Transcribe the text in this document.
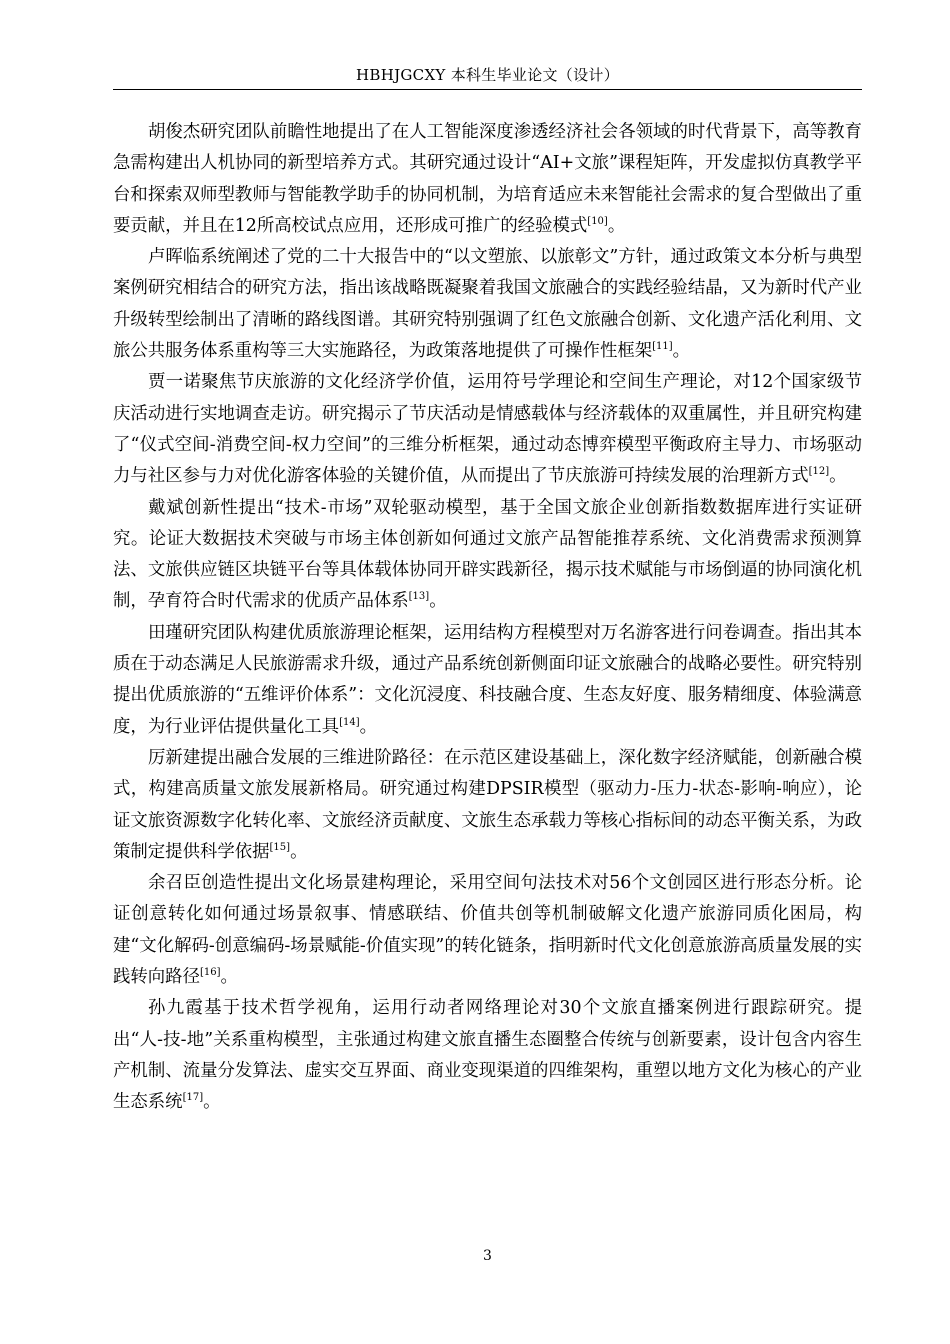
HBHJGCXY 本科生毕业论文（设计）

胡俊杰研究团队前瞻性地提出了在人工智能深度渗透经济社会各领域的时代背景下，高等教育急需构建出人机协同的新型培养方式。其研究通过设计“AI+文旅”课程矩阵，开发虚拟仿真教学平台和探索双师型教师与智能教学助手的协同机制，为培育适应未来智能社会需求的复合型做出了重要贡献，并且在12所高校试点应用，还形成可推广的经验模式[10]。

卢晖临系统阐述了党的二十大报告中的“以文塑旅、以旅彰文”方针，通过政策文本分析与典型案例研究相结合的研究方法，指出该战略既凝聚着我国文旅融合的实践经验结晶，又为新时代产业升级转型绘制出了清晰的路线图谱。其研究特别强调了红色文旅融合创新、文化遗产活化利用、文旅公共服务体系重构等三大实施路径，为政策落地提供了可操作性框架[11]。

贾一诺聚焦节庆旅游的文化经济学价值，运用符号学理论和空间生产理论，对12个国家级节庆活动进行实地调查走访。研究揭示了节庆活动是情感载体与经济载体的双重属性，并且研究构建了“仪式空间-消费空间-权力空间”的三维分析框架，通过动态博弈模型平衡政府主导力、市场驱动力与社区参与力对优化游客体验的关键价值，从而提出了节庆旅游可持续发展的治理新方式[12]。

戴斌创新性提出“技术-市场”双轮驱动模型，基于全国文旅企业创新指数数据库进行实证研究。论证大数据技术突破与市场主体创新如何通过文旅产品智能推荐系统、文化消费需求预测算法、文旅供应链区块链平台等具体载体协同开辟实践新径，揭示技术赋能与市场倒逼的协同演化机制，孕育符合时代需求的优质产品体系[13]。

田瑾研究团队构建优质旅游理论框架，运用结构方程模型对万名游客进行问卷调查。指出其本质在于动态满足人民旅游需求升级，通过产品系统创新侧面印证文旅融合的战略必要性。研究特别提出优质旅游的“五维评价体系”：文化沉浸度、科技融合度、生态友好度、服务精细度、体验满意度，为行业评估提供量化工具[14]。

厉新建提出融合发展的三维进阶路径：在示范区建设基础上，深化数字经济赋能，创新融合模式，构建高质量文旅发展新格局。研究通过构建DPSIR模型（驱动力-压力-状态-影响-响应），论证文旅资源数字化转化率、文旅经济贡献度、文旅生态承载力等核心指标间的动态平衡关系，为政策制定提供科学依据[15]。

余召臣创造性提出文化场景建构理论，采用空间句法技术对56个文创园区进行形态分析。论证创意转化如何通过场景叙事、情感联结、价值共创等机制破解文化遗产旅游同质化困局，构建“文化解码-创意编码-场景赋能-价值实现”的转化链条，指明新时代文化创意旅游高质量发展的实践转向路径[16]。

孙九霞基于技术哲学视角，运用行动者网络理论对30个文旅直播案例进行跟踪研究。提出“人-技-地”关系重构模型，主张通过构建文旅直播生态圈整合传统与创新要素，设计包含内容生产机制、流量分发算法、虚实交互界面、商业变现渠道的四维架构，重塑以地方文化为核心的产业生态系统[17]。

3
